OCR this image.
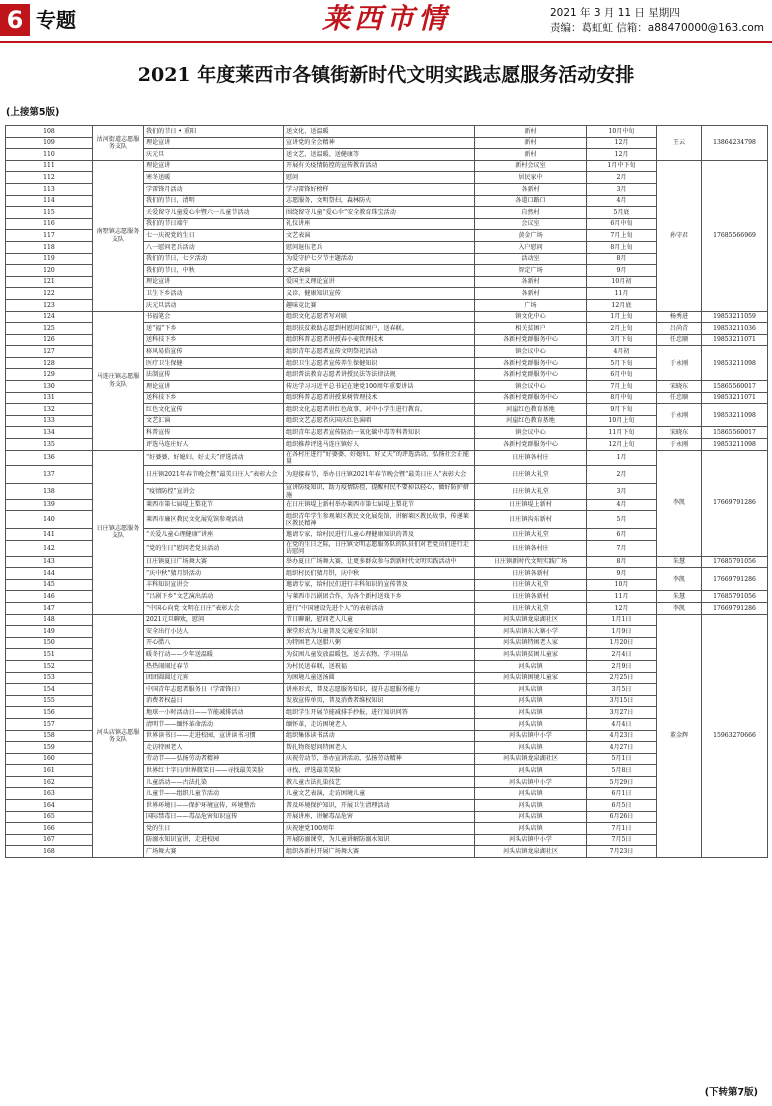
6 专题	莱西市情	2021 年 3 月 11 日 星期四
责编：葛虹虹 信箱：a88470000@163.com
2021 年度莱西市各镇街新时代文明实践志愿服务活动安排
(上接第5版)
108	沽河街道志愿服务支队	我们的节日 • 重阳	送文化、送温暖	新村	10月中旬	王云	13864234798
109		理论宣讲	宣讲党的全会精神	新村	12月		
110		庆元旦	送文艺、送温暖、送健康等	新村	12月		
111	南墅镇志愿服务支队	理论宣讲	开展有关疫情防控的宣传教育活动	新村会议室	1月中下旬	孙守君	17685566969
112		寒冬送暖	慰问	居民家中	2月		
113		学雷锋月活动	学习雷锋好榜样	各新村	3月		
114		我们的节日，清明	志愿服务，文明祭扫，森林防火	各道口路口	4月		
115		关爱留守儿童爱心伞暨六一儿童节活动	围绕留守儿童“爱心伞”安全教育珠宝活动	自然村	5月底		
116		我们的节日端午	礼仪讲座	会议室	6月中旬		
117		七一庆祝党的生日	文艺表演	黄金广场	7月上旬		
118		八一慰问老兵活动	慰问退伍老兵	入户慰问	8月上旬		
119		我们的节日，七夕活动	为爱守护七夕节主题活动	活动室	8月		
120		我们的节日，中秋	文艺表演	智定广场	9月		
121		理论宣讲	爱国主义理论宣讲	各新村	10月初		
122		卫生下乡活动	义诊、健康知识宣传	各新村	11月		
123		庆元旦活动	趣味竞比赛	广场	12月底		
124	马连庄镇志愿服务支队	书福笔会	组织文化志愿者写对联	镇文化中心	1月上旬	杨秀进	19853211059
125		送“福”下乡	组织扶贫救助志愿到村慰问贫困户，送春联。	相关贫困户	2月上旬	吕尚青	19853211036
126		送科技下乡	组织科普志愿者讲授春小麦管理技术	各新村党群服务中心	3月下旬	任忠顺	19853211071
127		移风易俗宣传	组织青年志愿者宣传文明祭祀活动	镇会议中心	4月初	于永刚	19853211098
128		医疗卫生保健	组织卫生志愿者宣传养生保健知识	各新村党群服务中心	5月下旬		
129		法制宣传	组织普法教育志愿者讲授民法等法律法规	各新村党群服务中心	6月中旬		
130		理论宣讲	传达学习习近平总书记在建党100周年重要讲话	镇会议中心	7月上旬	宋晓东	15865560017
131		送科技下乡	组织科普志愿者讲授果树管理技术	各新村党群服务中心	8月中旬	任忠顺	19853211071
132		红色文化宣传	组织文化志愿者讲红色故事，对中小学生进行教育。	河崖红色教育基地	9月下旬	于永刚	19853211098
133		文艺汇演	组织文艺志愿者庆国庆红色演唱	河崖红色教育基地	10月上旬		
134		科普宣传	组织青年志愿者宣传防治一氧化碳中毒等科普知识	镇会议中心	11月下旬	宋晓东	15865560017
135		评选马连庄好人	组织推荐评选马连庄镇好人	各新村党群服务中心	12月上旬	于永刚	19853211098
136	日庄镇志愿服务支队	“好婆婆、好媳妇、好丈夫”评选活动	在各村庄进行“好婆婆、好媳妇、好丈夫”的评选活动，弘扬社会正能量	日庄镇各村庄	1月	李凯	17669791286
137		日庄镇2021年春节晚会暨“最美日庄人”表彰大会	为迎接春节，举办日庄镇2021年春节晚会暨“最美日庄人”表彰大会	日庄镇大礼堂	2月		
138		“疫情防控”宣讲会	宣讲防疫知识，助力疫情防控，提醒村民不要掉以轻心，做好防护措施	日庄镇大礼堂	3月		
139		莱西市第七届堤上梨花节	在日庄镇堤上新村举办莱西市第七届堤上梨花节	日庄镇堤上新村	4月		
140		莱西市廉区教民文化展览馆参观活动	组织青年学生参观莱区教民文化展览馆，讲解莱区教民故事，传递莱区教民精神	日庄镇沟东新村	5月		
141		“关爱儿童心理健康”讲座	邀请专家，给村民进行儿童心理健康知识的普及	日庄镇大礼堂	6月		
142		“党的生日”慰问老党员活动	在党的生日之际，日庄镇文明志愿服务队的队员们对老党员们进行走访慰问	日庄镇各村庄	7月		
143		日庄镇夏日广场舞大赛	举办夏日广场舞大赛，让更多群众参与到新时代文明实践活动中	日庄镇新时代文明实践广场	8月	朱慧	17685791056
144		“庆中秋”猜月饼活动	组织村民们猜月饼，庆中秋	日庄镇各新村	9月	李凯	17669791286
145		丰科知识宣讲会	邀请专家，给村民们进行丰科知识的宣传普及	日庄镇大礼堂	10月		
146		“吕剧下乡”文艺演出活动	与莱西市吕剧团合作，为各个新村送戏下乡	日庄镇各新村	11月	朱慧	17685791056
147		“中国心向党 文明在日庄”表彰大会	进行“中国建设先进个人”的表彰活动	日庄镇大礼堂	12月	李凯	17669791286
148	河头店镇志愿服务支队	2021元旦聊欢，慰问	节日聊谢，慰问老人儿童	河头店镇龙泉湖社区	1月1日	董金辉	15963270666
149		安全出行小达人	课堂形式为儿童普及交通安全知识	河头店镇东大寨小学	1月9日		
150		开心腊八	为特困老人送腊八粥	河头店镇特困老人家	1月20日		
151		暖冬行动——少年送温暖	为贫困儿童发放温暖包，送去衣物、学习用品	河头店镇贫困儿童家	2月4日		
152		热热闹闹过春节	为村民送春联，送祝福	河头店镇	2月9日		
153		团团圆圆过元宵	为困境儿童送汤圆	河头店镇困境儿童家	2月25日		
154		中国青年志愿者服务日（学雷锋日）	讲座形式，普及志愿服务知识，提升志愿服务能力	河头店镇	3月5日		
155		消费者权益日	发放宣传单页，普及消费者维权知识	河头店镇	3月15日		
156		地球一小时活动日——节能减排活动	组织学生开展节能减排手抄报，进行知识问答	河头店镇	3月27日		
157		清明节——缅怀革命活动	缅怀革，走访困境老人	河头店镇	4月4日		
158		世界读书日——走进校园，宣讲读书习惯	组织集体读书活动	河头店镇中小学	4月23日		
159		走访特困老人	帮扎物资慰问特困老人	河头店镇	4月27日		
160		劳动节——弘扬劳动者精神	庆祝劳动节，举办宣讲活动，弘扬劳动精神	河头店镇龙泉湖社区	5月1日		
161		世界红十字日/世界微笑日——寻找最美笑脸	寻找、评选最美笑脸	河头店镇	5月8日		
162		儿童活动——古法扎染	教儿童古法扎染技艺	河头店镇中小学	5月29日		
163		儿童节——组织儿童节活动	儿童文艺表演，走访困境儿童	河头店镇	6月1日		
164		世界环境日——保护环境宣传，环境整治	普及环境保护知识，开展卫生清理活动	河头店镇	6月5日		
165		国际禁毒日——毒品危害知识宣传	开展讲座，讲解毒品危害	河头店镇	6月26日		
166		党的生日	庆祝建党100周年	河头店镇	7月1日		
167		防溺水知识宣讲，走进校园	开展防溺课堂，为儿童讲解防溺水知识	河头店镇中小学	7月5日		
168		广场舞大赛	组织各新村开展广场舞大赛	河头店镇龙泉湖社区	7月23日		
(下转第7版)
